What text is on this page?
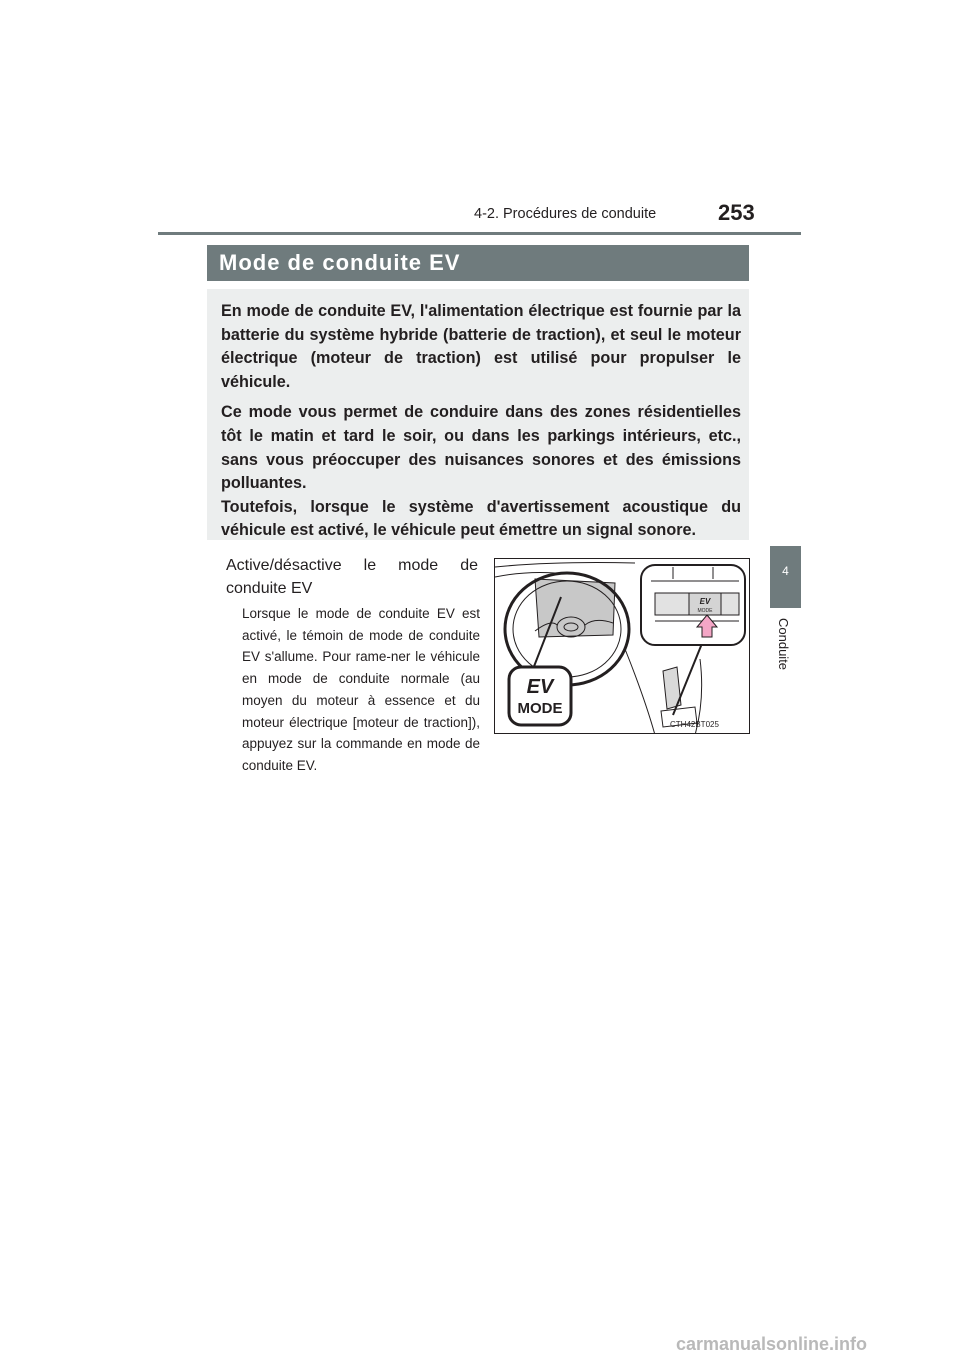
4-2. Procédures de conduite	253
4
Conduite
Mode de conduite EV

En mode de conduite EV, l'alimentation électrique est fournie par la batterie du système hybride (batterie de traction), et seul le moteur électrique (moteur de traction) est utilisé pour propulser le véhicule.

Ce mode vous permet de conduire dans des zones résidentielles tôt le matin et tard le soir, ou dans les parkings intérieurs, etc., sans vous préoccuper des nuisances sonores et des émissions polluantes.

Toutefois, lorsque le système d'avertissement acoustique du véhicule est activé, le véhicule peut émettre un signal sonore.

Active/désactive le mode de conduite EV
Lorsque le mode de conduite EV est activé, le témoin de mode de conduite EV s'allume. Pour rame-ner le véhicule en mode de conduite normale (au moyen du moteur à essence et du moteur électrique [moteur de traction]), appuyez sur la commande en mode de conduite EV.
EV
MODE
EV
MODE
CTH42BT025
carmanualsonline.info
